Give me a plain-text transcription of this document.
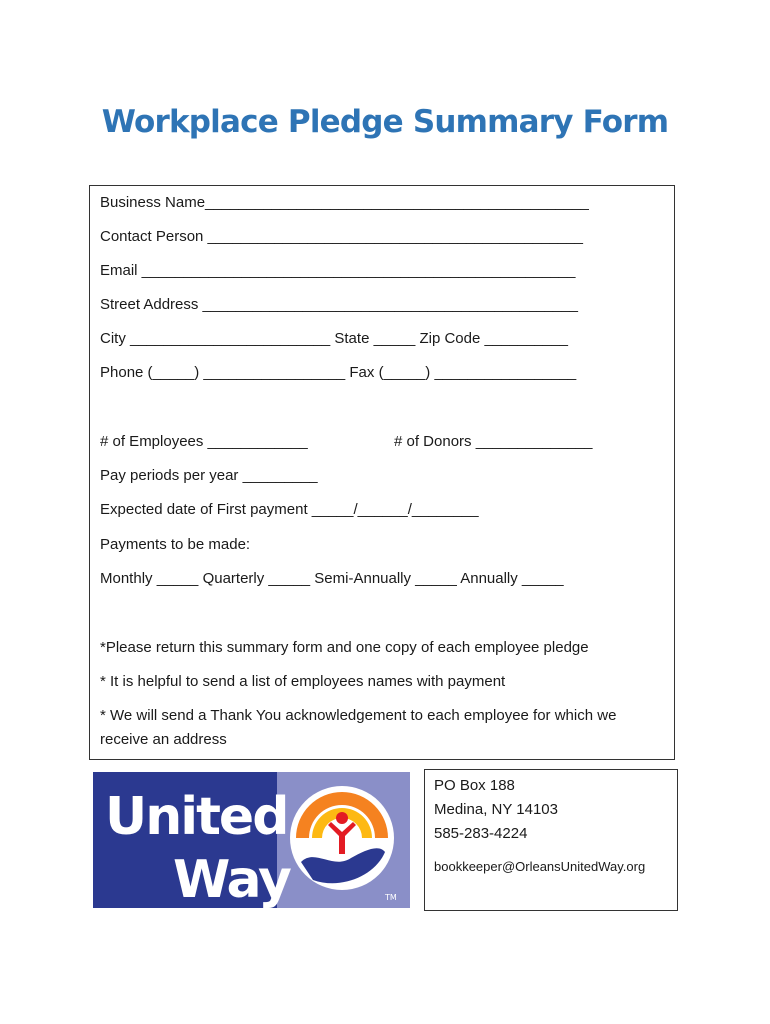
Workplace Pledge Summary Form
Business Name______________________________________________
Contact Person _____________________________________________
Email ____________________________________________________
Street Address _____________________________________________
City ________________________ State _____ Zip Code __________
Phone (_____) _________________ Fax (_____) _________________
# of Employees ____________	# of Donors ______________
Pay periods per year _________
Expected date of First payment _____/______/________
Payments to be made:
Monthly _____ Quarterly _____ Semi-Annually _____ Annually _____
*Please return this summary form and one copy of each employee pledge
* It is helpful to send a list of employees names with payment
* We will send a Thank You acknowledgement to each employee for which we
receive an address
United
Way	TM
PO Box 188
Medina, NY 14103
585-283-4224
bookkeeper@OrleansUnitedWay.org
